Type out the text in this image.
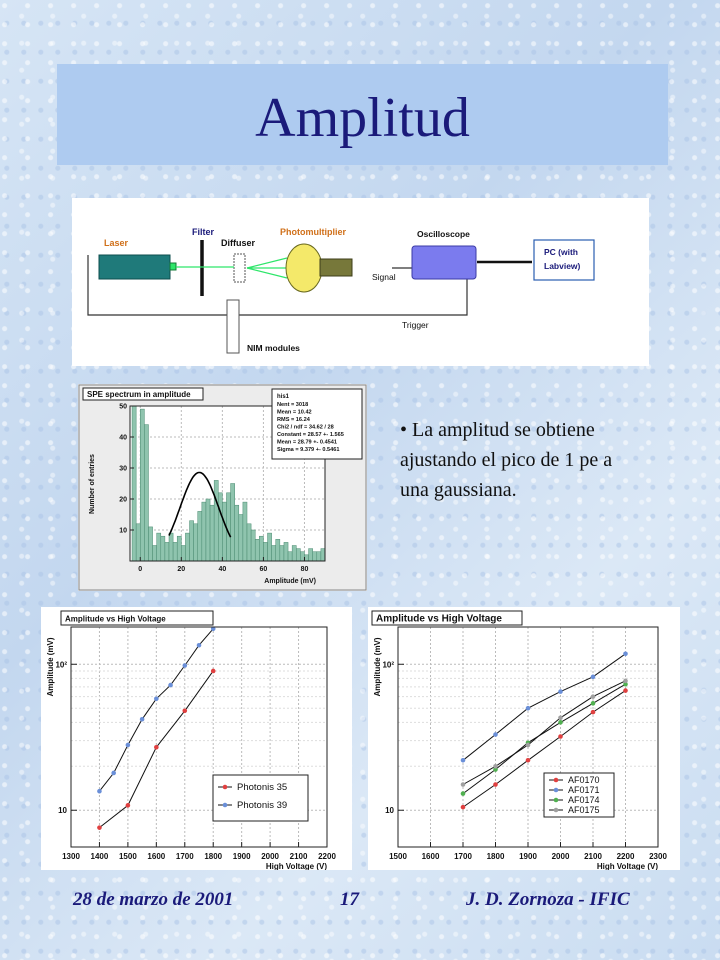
Amplitud
Laser
Filter
Diffuser
Photomultiplier	Oscilloscope
Signal
Trigger
PC (with
Labview)
NIM modules
0	20	40	60	80
10
20
30
40
50
SPE spectrum in amplitude
Number of entries
Amplitude (mV)
his1
Nent = 3018
Mean = 10.42
RMS = 16.24
Chi2 / ndf = 34.62 / 28
Constant = 28.57 +- 1.565
Mean = 28.79 +- 0.4541
Sigma = 9.379 +- 0.5461
• La amplitud se obtiene ajustando el pico de 1 pe a una gaussiana.
1300 1400 1500 1600 1700 1800 1900 2000 2100 2200
10
10²
Amplitude vs High Voltage
High Voltage (V)
Amplitude (mV)
Photonis 35
Photonis 39
1500 1600 1700 1800 1900 2000 2100 2200 2300
10
10²
Amplitude vs High Voltage
High Voltage (V)
Amplitude (mV)
AF0170
AF0171
AF0174
AF0175
28 de marzo de 2001	17	J. D. Zornoza - IFIC
